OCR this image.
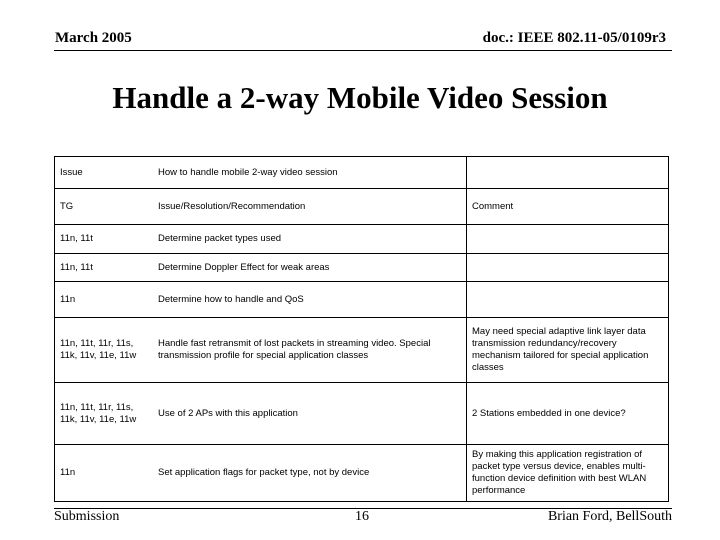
March 2005	doc.: IEEE 802.11-05/0109r3
Handle a 2-way Mobile Video Session
Issue	How to handle mobile 2-way video session	
TG	Issue/Resolution/Recommendation	Comment
11n, 11t	Determine packet types used	
11n, 11t	Determine Doppler Effect for weak areas	
11n	Determine how to handle and QoS	
11n, 11t, 11r, 11s, 11k, 11v, 11e, 11w	Handle fast retransmit of lost packets in streaming video. Special transmission profile for special application classes	May need special adaptive link layer data transmission redundancy/recovery mechanism tailored for special application classes
11n, 11t, 11r, 11s, 11k, 11v, 11e, 11w	Use of 2 APs with this application	2 Stations embedded in one device?
11n	Set application flags for packet type, not by device	By making this application registration of packet type versus device, enables multi-function device definition with best WLAN performance
Submission	16	Brian Ford, BellSouth
